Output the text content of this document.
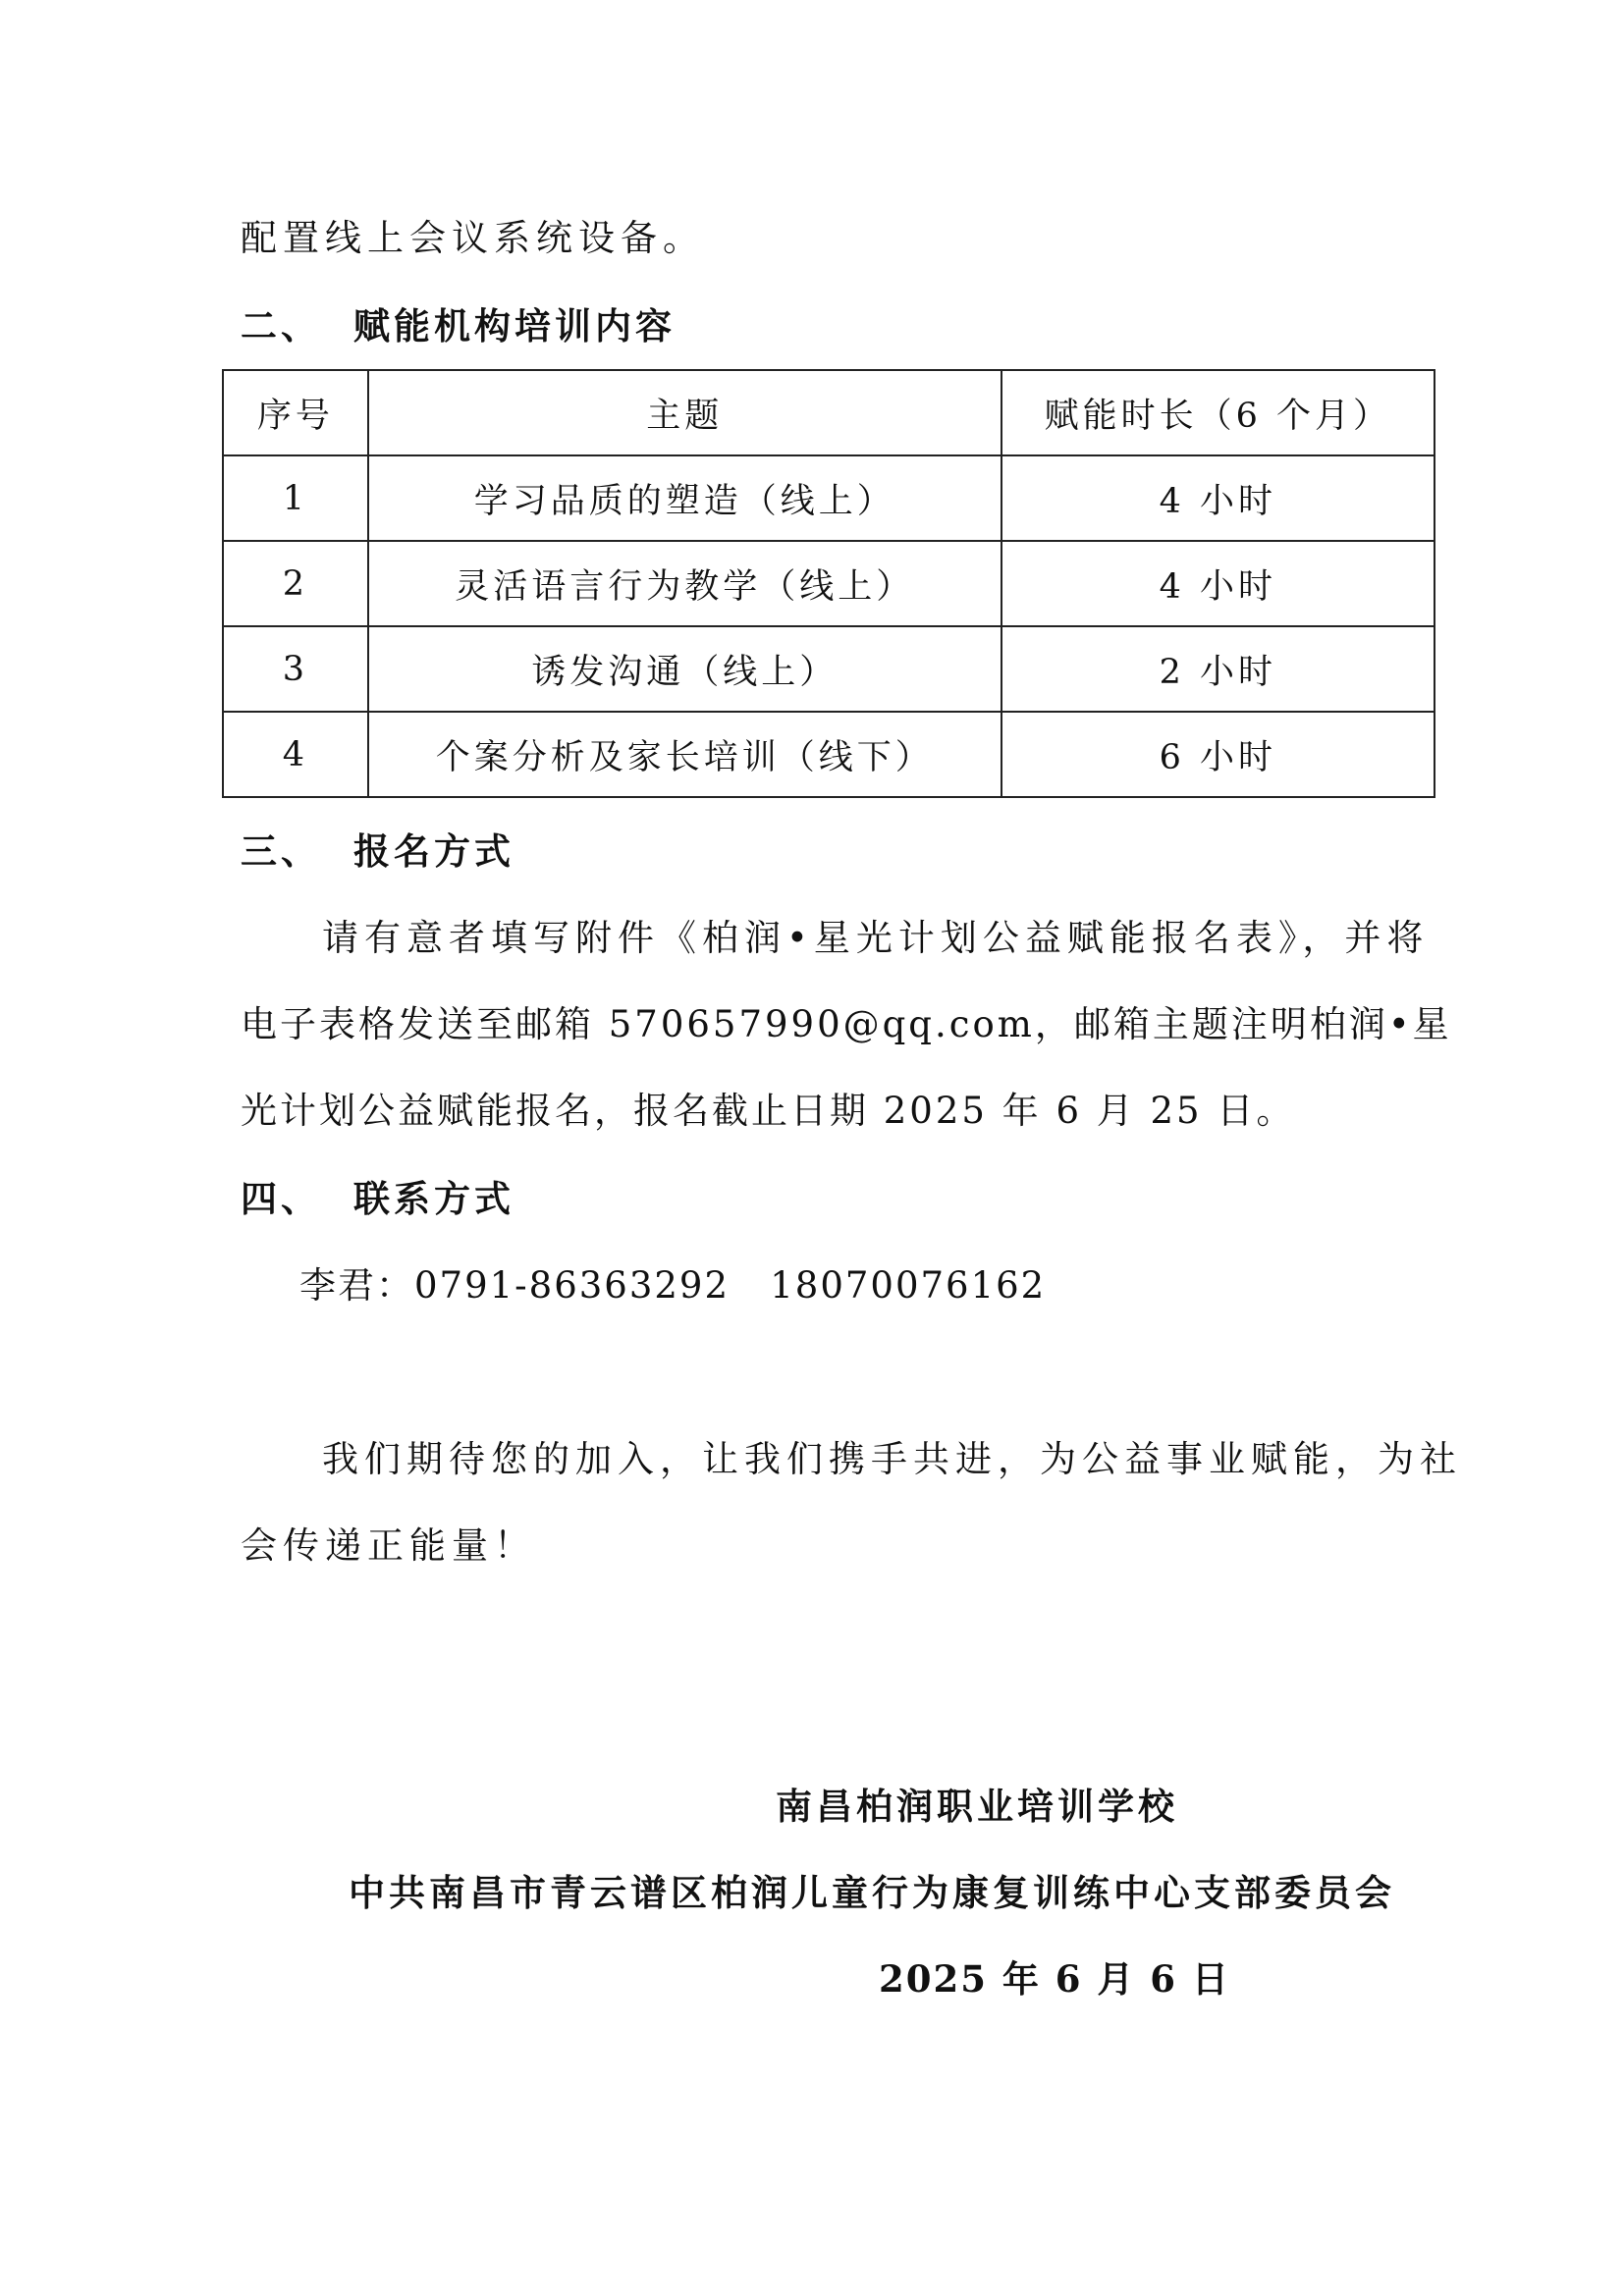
配置线上会议系统设备。
二、 赋能机构培训内容
序号	主题	赋能时长（6 个月）
1	学习品质的塑造（线上）	4 小时
2	灵活语言行为教学（线上）	4 小时
3	诱发沟通（线上）	2 小时
4	个案分析及家长培训（线下）	6 小时
三、 报名方式
请有意者填写附件《柏润•星光计划公益赋能报名表》，并将
电子表格发送至邮箱 570657990@qq.com，邮箱主题注明柏润•星
光计划公益赋能报名，报名截止日期 2025 年 6 月 25 日。
四、 联系方式
李君：0791-86363292   18070076162
我们期待您的加入，让我们携手共进，为公益事业赋能，为社
会传递正能量！
南昌柏润职业培训学校
中共南昌市青云谱区柏润儿童行为康复训练中心支部委员会
2025 年 6 月 6 日
